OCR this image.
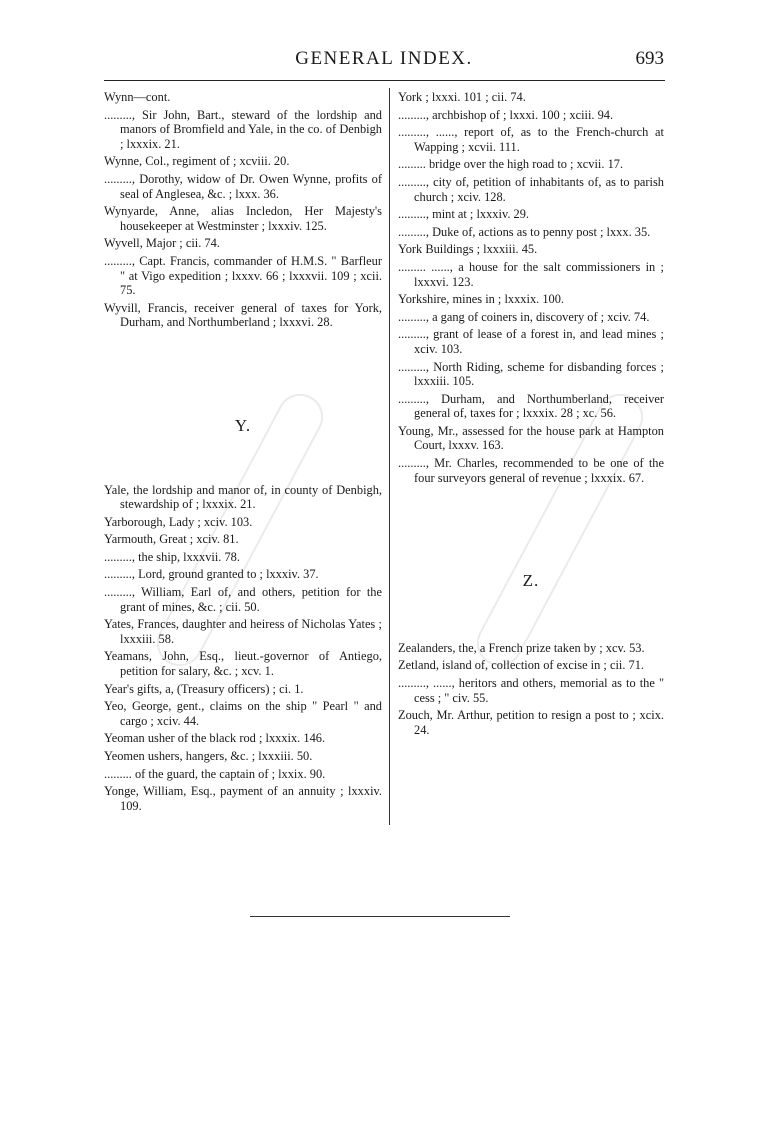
GENERAL INDEX.	693
Wynn—cont.
........., Sir John, Bart., steward of the lordship and manors of Bromfield and Yale, in the co. of Denbigh ; lxxxix. 21.
Wynne, Col., regiment of ; xcviii. 20.
........., Dorothy, widow of Dr. Owen Wynne, profits of seal of Anglesea, &c. ; lxxx. 36.
Wynyarde, Anne, alias Incledon, Her Majesty's housekeeper at Westminster ; lxxxiv. 125.
Wyvell, Major ; cii. 74.
........., Capt. Francis, commander of H.M.S. " Barfleur " at Vigo expedition ; lxxxv. 66 ; lxxxvii. 109 ; xcii. 75.
Wyvill, Francis, receiver general of taxes for York, Durham, and Northumberland ; lxxxvi. 28.
Y.
Yale, the lordship and manor of, in county of Denbigh, stewardship of ; lxxxix. 21.
Yarborough, Lady ; xciv. 103.
Yarmouth, Great ; xciv. 81.
........., the ship, lxxxvii. 78.
........., Lord, ground granted to ; lxxxiv. 37.
........., William, Earl of, and others, petition for the grant of mines, &c. ; cii. 50.
Yates, Frances, daughter and heiress of Nicholas Yates ; lxxxiii. 58.
Yeamans, John, Esq., lieut.-governor of Antiego, petition for salary, &c. ; xcv. 1.
Year's gifts, a, (Treasury officers) ; ci. 1.
Yeo, George, gent., claims on the ship " Pearl " and cargo ; xciv. 44.
Yeoman usher of the black rod ; lxxxix. 146.
Yeomen ushers, hangers, &c. ; lxxxiii. 50.
......... of the guard, the captain of ; lxxix. 90.
Yonge, William, Esq., payment of an annuity ; lxxxiv. 109.
York ; lxxxi. 101 ; cii. 74.
........., archbishop of ; lxxxi. 100 ; xciii. 94.
........., ......, report of, as to the French-church at Wapping ; xcvii. 111.
......... bridge over the high road to ; xcvii. 17.
........., city of, petition of inhabitants of, as to parish church ; xciv. 128.
........., mint at ; lxxxiv. 29.
........., Duke of, actions as to penny post ; lxxx. 35.
York Buildings ; lxxxiii. 45.
......... ......, a house for the salt commissioners in ; lxxxvi. 123.
Yorkshire, mines in ; lxxxix. 100.
........., a gang of coiners in, discovery of ; xciv. 74.
........., grant of lease of a forest in, and lead mines ; xciv. 103.
........., North Riding, scheme for disbanding forces ; lxxxiii. 105.
........., Durham, and Northumberland, receiver general of, taxes for ; lxxxix. 28 ; xc. 56.
Young, Mr., assessed for the house park at Hampton Court, lxxxv. 163.
........., Mr. Charles, recommended to be one of the four surveyors general of revenue ; lxxxix. 67.
Z.
Zealanders, the, a French prize taken by ; xcv. 53.
Zetland, island of, collection of excise in ; cii. 71.
........., ......, heritors and others, memorial as to the " cess ; " civ. 55.
Zouch, Mr. Arthur, petition to resign a post to ; xcix. 24.
